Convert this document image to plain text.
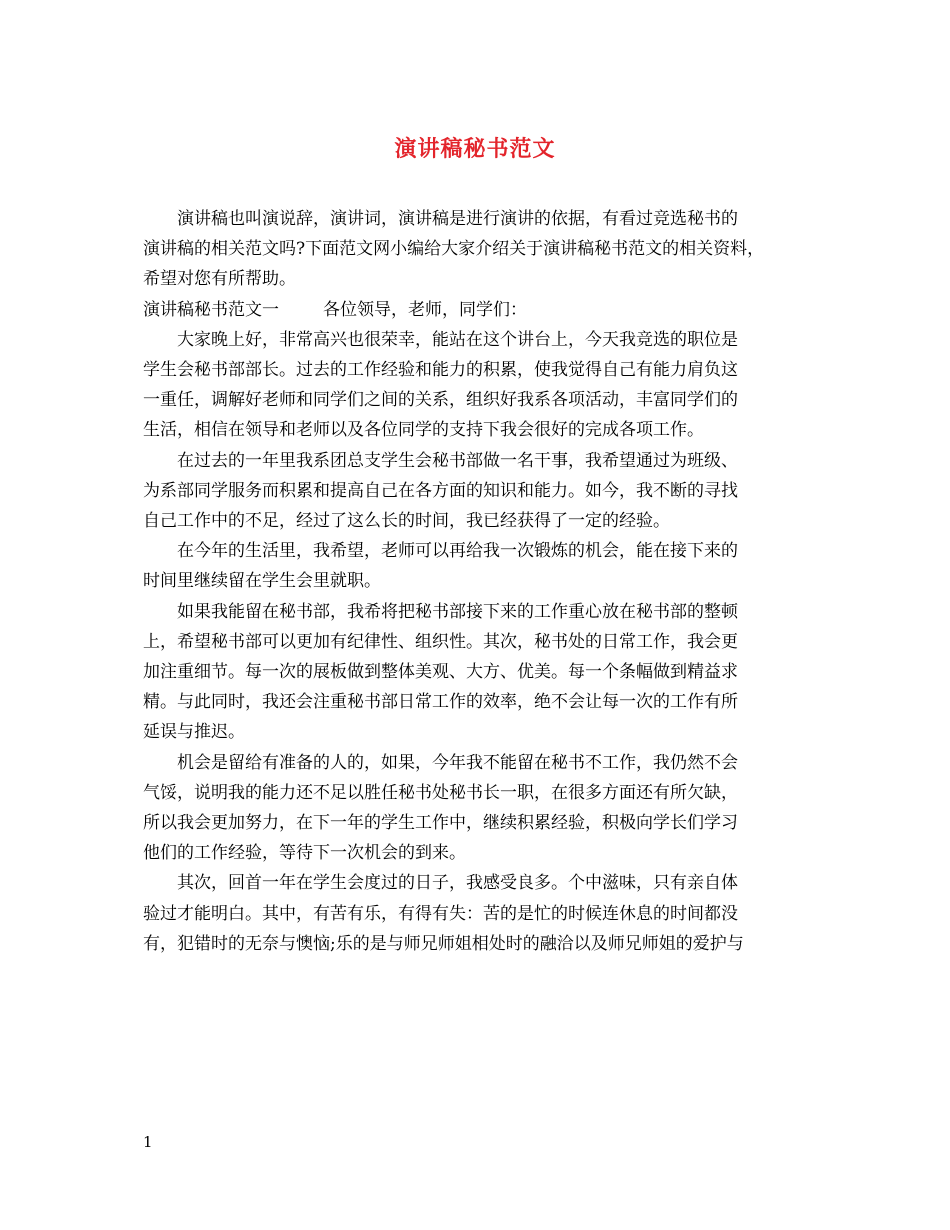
演讲稿秘书范文

演讲稿也叫演说辞，演讲词，演讲稿是进行演讲的依据，有看过竞选秘书的

演讲稿的相关范文吗?下面范文网小编给大家介绍关于演讲稿秘书范文的相关资料，
希望对您有所帮助。

演讲稿秘书范文一	各位领导，老师，同学们：

大家晚上好，非常高兴也很荣幸，能站在这个讲台上，今天我竞选的职位是

学生会秘书部部长。过去的工作经验和能力的积累，使我觉得自己有能力肩负这
一重任，调解好老师和同学们之间的关系，组织好我系各项活动，丰富同学们的
生活，相信在领导和老师以及各位同学的支持下我会很好的完成各项工作。

在过去的一年里我系团总支学生会秘书部做一名干事，我希望通过为班级、

为系部同学服务而积累和提高自己在各方面的知识和能力。如今，我不断的寻找
自己工作中的不足，经过了这么长的时间，我已经获得了一定的经验。

在今年的生活里，我希望，老师可以再给我一次锻炼的机会，能在接下来的

时间里继续留在学生会里就职。

如果我能留在秘书部，我希将把秘书部接下来的工作重心放在秘书部的整顿

上，希望秘书部可以更加有纪律性、组织性。其次，秘书处的日常工作，我会更
加注重细节。每一次的展板做到整体美观、大方、优美。每一个条幅做到精益求
精。与此同时，我还会注重秘书部日常工作的效率，绝不会让每一次的工作有所
延误与推迟。

机会是留给有准备的人的，如果，今年我不能留在秘书不工作，我仍然不会

气馁，说明我的能力还不足以胜任秘书处秘书长一职，在很多方面还有所欠缺，
所以我会更加努力，在下一年的学生工作中，继续积累经验，积极向学长们学习
他们的工作经验，等待下一次机会的到来。

其次，回首一年在学生会度过的日子，我感受良多。个中滋味，只有亲自体

验过才能明白。其中，有苦有乐，有得有失：苦的是忙的时候连休息的时间都没
有，犯错时的无奈与懊恼;乐的是与师兄师姐相处时的融洽以及师兄师姐的爱护与

1
